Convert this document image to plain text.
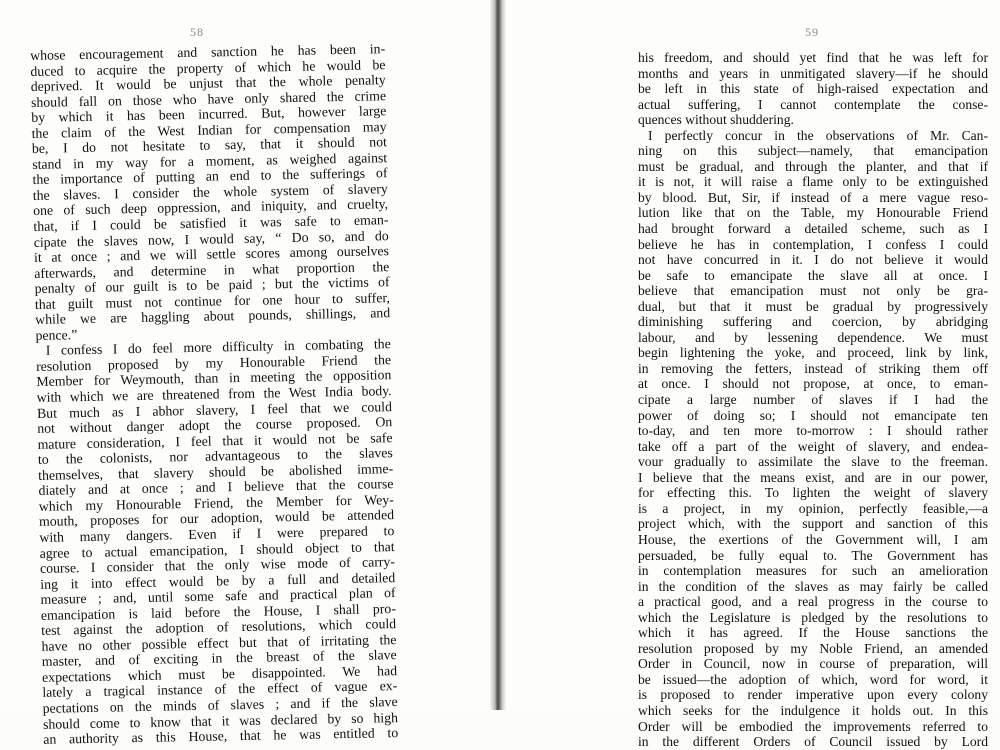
58
whose encouragement and sanction he has been in-
duced to acquire the property of which he would be
deprived. It would be unjust that the whole penalty
should fall on those who have only shared the crime
by which it has been incurred. But, however large
the claim of the West Indian for compensation may
be, I do not hesitate to say, that it should not
stand in my way for a moment, as weighed against
the importance of putting an end to the sufferings of
the slaves. I consider the whole system of slavery
one of such deep oppression, and iniquity, and cruelty,
that, if I could be satisfied it was safe to eman-
cipate the slaves now, I would say, “ Do so, and do
it at once ; and we will settle scores among ourselves
afterwards, and determine in what proportion the
penalty of our guilt is to be paid ; but the victims of
that guilt must not continue for one hour to suffer,
while we are haggling about pounds, shillings, and
pence.”
I confess I do feel more difficulty in combating the
resolution proposed by my Honourable Friend the
Member for Weymouth, than in meeting the opposition
with which we are threatened from the West India body.
But much as I abhor slavery, I feel that we could
not without danger adopt the course proposed. On
mature consideration, I feel that it would not be safe
to the colonists, nor advantageous to the slaves
themselves, that slavery should be abolished imme-
diately and at once ; and I believe that the course
which my Honourable Friend, the Member for Wey-
mouth, proposes for our adoption, would be attended
with many dangers. Even if I were prepared to
agree to actual emancipation, I should object to that
course. I consider that the only wise mode of carry-
ing it into effect would be by a full and detailed
measure ; and, until some safe and practical plan of
emancipation is laid before the House, I shall pro-
test against the adoption of resolutions, which could
have no other possible effect but that of irritating the
master, and of exciting in the breast of the slave
expectations which must be disappointed. We had
lately a tragical instance of the effect of vague ex-
pectations on the minds of slaves ; and if the slave
should come to know that it was declared by so high
an authority as this House, that he was entitled to
59
his freedom, and should yet find that he was left for
months and years in unmitigated slavery—if he should
be left in this state of high-raised expectation and
actual suffering, I cannot contemplate the conse-
quences without shuddering.
I perfectly concur in the observations of Mr. Can-
ning on this subject—namely, that emancipation
must be gradual, and through the planter, and that if
it is not, it will raise a flame only to be extinguished
by blood. But, Sir, if instead of a mere vague reso-
lution like that on the Table, my Honourable Friend
had brought forward a detailed scheme, such as I
believe he has in contemplation, I confess I could
not have concurred in it. I do not believe it would
be safe to emancipate the slave all at once. I
believe that emancipation must not only be gra-
dual, but that it must be gradual by progressively
diminishing suffering and coercion, by abridging
labour, and by lessening dependence. We must
begin lightening the yoke, and proceed, link by link,
in removing the fetters, instead of striking them off
at once. I should not propose, at once, to eman-
cipate a large number of slaves if I had the
power of doing so; I should not emancipate ten
to-day, and ten more to-morrow : I should rather
take off a part of the weight of slavery, and endea-
vour gradually to assimilate the slave to the freeman.
I believe that the means exist, and are in our power,
for effecting this. To lighten the weight of slavery
is a project, in my opinion, perfectly feasible,—a
project which, with the support and sanction of this
House, the exertions of the Government will, I am
persuaded, be fully equal to. The Government has
in contemplation measures for such an amelioration
in the condition of the slaves as may fairly be called
a practical good, and a real progress in the course to
which the Legislature is pledged by the resolutions to
which it has agreed. If the House sanctions the
resolution proposed by my Noble Friend, an amended
Order in Council, now in course of preparation, will
be issued—the adoption of which, word for word, it
is proposed to render imperative upon every colony
which seeks for the indulgence it holds out. In this
Order will be embodied the improvements referred to
in the different Orders of Council issued by Lord
